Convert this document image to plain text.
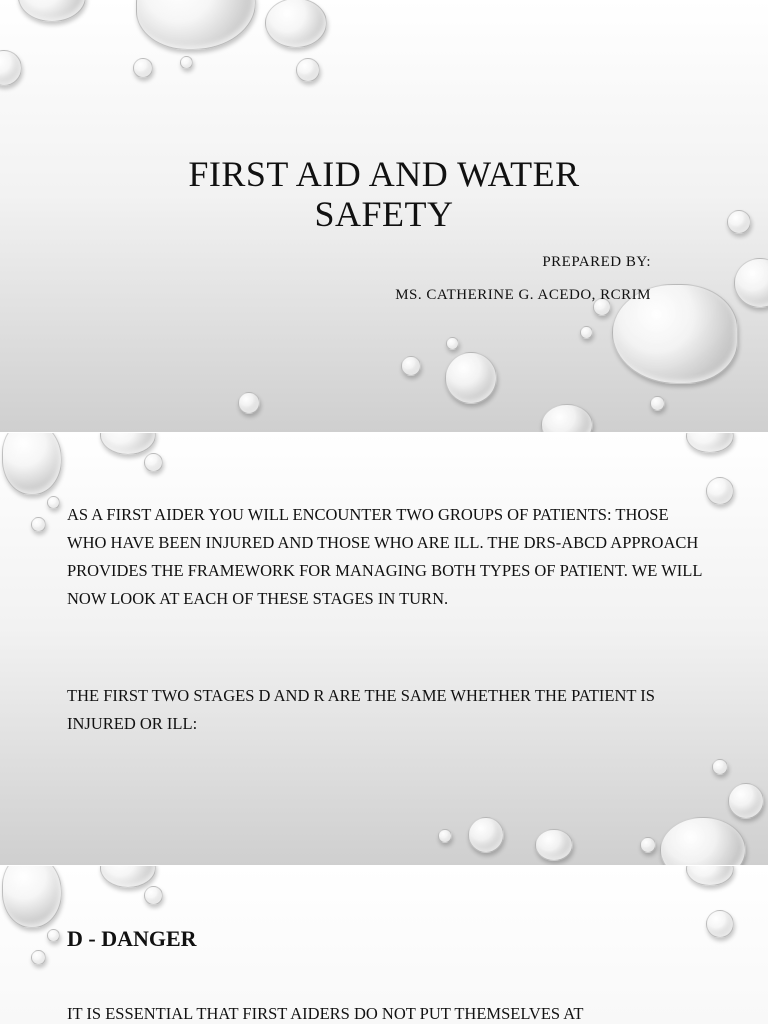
FIRST AID AND WATER
SAFETY

PREPARED BY:

MS. CATHERINE G. ACEDO, RCRIM

AS A FIRST AIDER YOU WILL ENCOUNTER TWO GROUPS OF PATIENTS: THOSE WHO HAVE BEEN INJURED AND THOSE WHO ARE ILL. THE DRS-ABCD APPROACH PROVIDES THE FRAMEWORK FOR MANAGING BOTH TYPES OF PATIENT. WE WILL NOW LOOK AT EACH OF THESE STAGES IN TURN.

THE FIRST TWO STAGES D AND R ARE THE SAME WHETHER THE PATIENT IS INJURED OR ILL:

D - DANGER

IT IS ESSENTIAL THAT FIRST AIDERS DO NOT PUT THEMSELVES AT
